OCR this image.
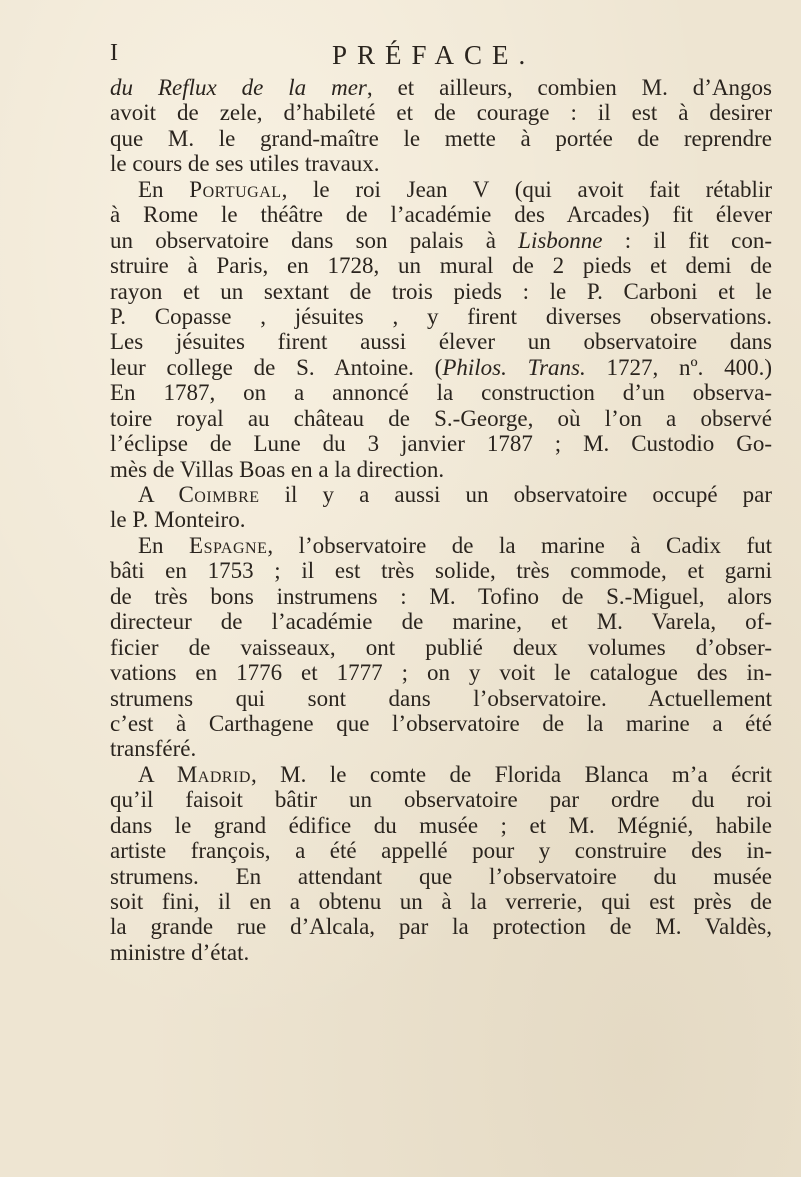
I	PRÉFACE.
du Reflux de la mer, et ailleurs, combien M. d’Angos
avoit de zele, d’habileté et de courage : il est à desirer
que M. le grand-maître le mette à portée de reprendre
le cours de ses utiles travaux.
En Portugal, le roi Jean V (qui avoit fait rétablir
à Rome le théâtre de l’académie des Arcades) fit élever
un observatoire dans son palais à Lisbonne : il fit con-
struire à Paris, en 1728, un mural de 2 pieds et demi de
rayon et un sextant de trois pieds : le P. Carboni et le
P. Copasse , jésuites , y firent diverses observations.
Les jésuites firent aussi élever un observatoire dans
leur college de S. Antoine. (Philos. Trans. 1727, nº. 400.)
En 1787, on a annoncé la construction d’un observa-
toire royal au château de S.-George, où l’on a observé
l’éclipse de Lune du 3 janvier 1787 ; M. Custodio Go-
mès de Villas Boas en a la direction.
A Coimbre il y a aussi un observatoire occupé par
le P. Monteiro.
En Espagne, l’observatoire de la marine à Cadix fut
bâti en 1753 ; il est très solide, très commode, et garni
de très bons instrumens : M. Tofino de S.-Miguel, alors
directeur de l’académie de marine, et M. Varela, of-
ficier de vaisseaux, ont publié deux volumes d’obser-
vations en 1776 et 1777 ; on y voit le catalogue des in-
strumens qui sont dans l’observatoire. Actuellement
c’est à Carthagene que l’observatoire de la marine a été
transféré.
A Madrid, M. le comte de Florida Blanca m’a écrit
qu’il faisoit bâtir un observatoire par ordre du roi
dans le grand édifice du musée ; et M. Mégnié, habile
artiste françois, a été appellé pour y construire des in-
strumens. En attendant que l’observatoire du musée
soit fini, il en a obtenu un à la verrerie, qui est près de
la grande rue d’Alcala, par la protection de M. Valdès,
ministre d’état.
